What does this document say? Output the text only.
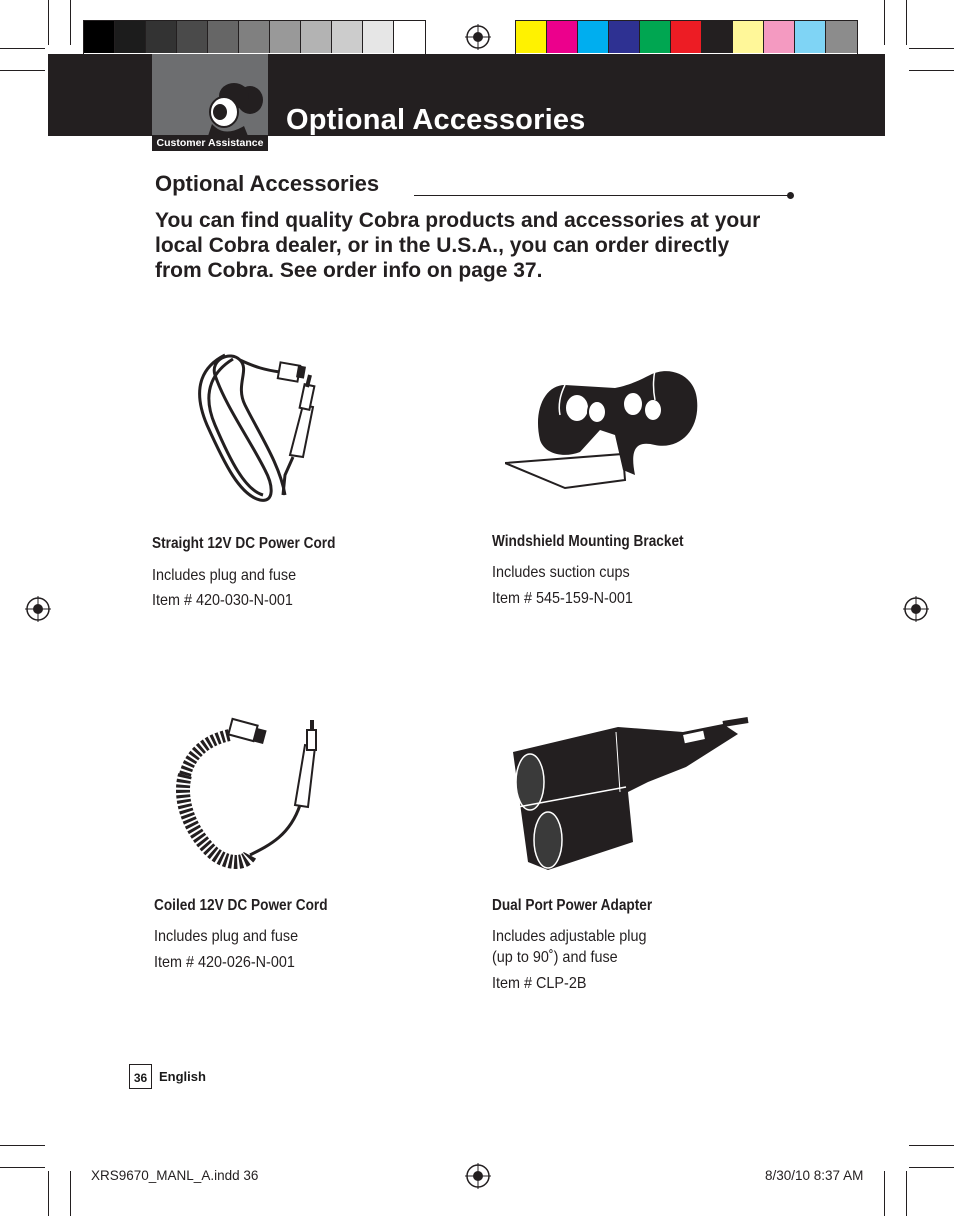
Customer Assistance
Optional Accessories
Optional Accessories
You can find quality Cobra products and accessories at your local Cobra dealer, or in the U.S.A., you can order directly from Cobra. See order info on page 37.
Straight 12V DC Power Cord
Includes plug and fuse
Item # 420-030-N-001
Windshield Mounting Bracket
Includes suction cups
Item # 545-159-N-001
Coiled 12V DC Power Cord
Includes plug and fuse
Item # 420-026-N-001
Dual Port Power Adapter
Includes adjustable plug
(up to 90˚) and fuse
Item # CLP-2B
36 English
XRS9670_MANL_A.indd 36	8/30/10 8:37 AM
